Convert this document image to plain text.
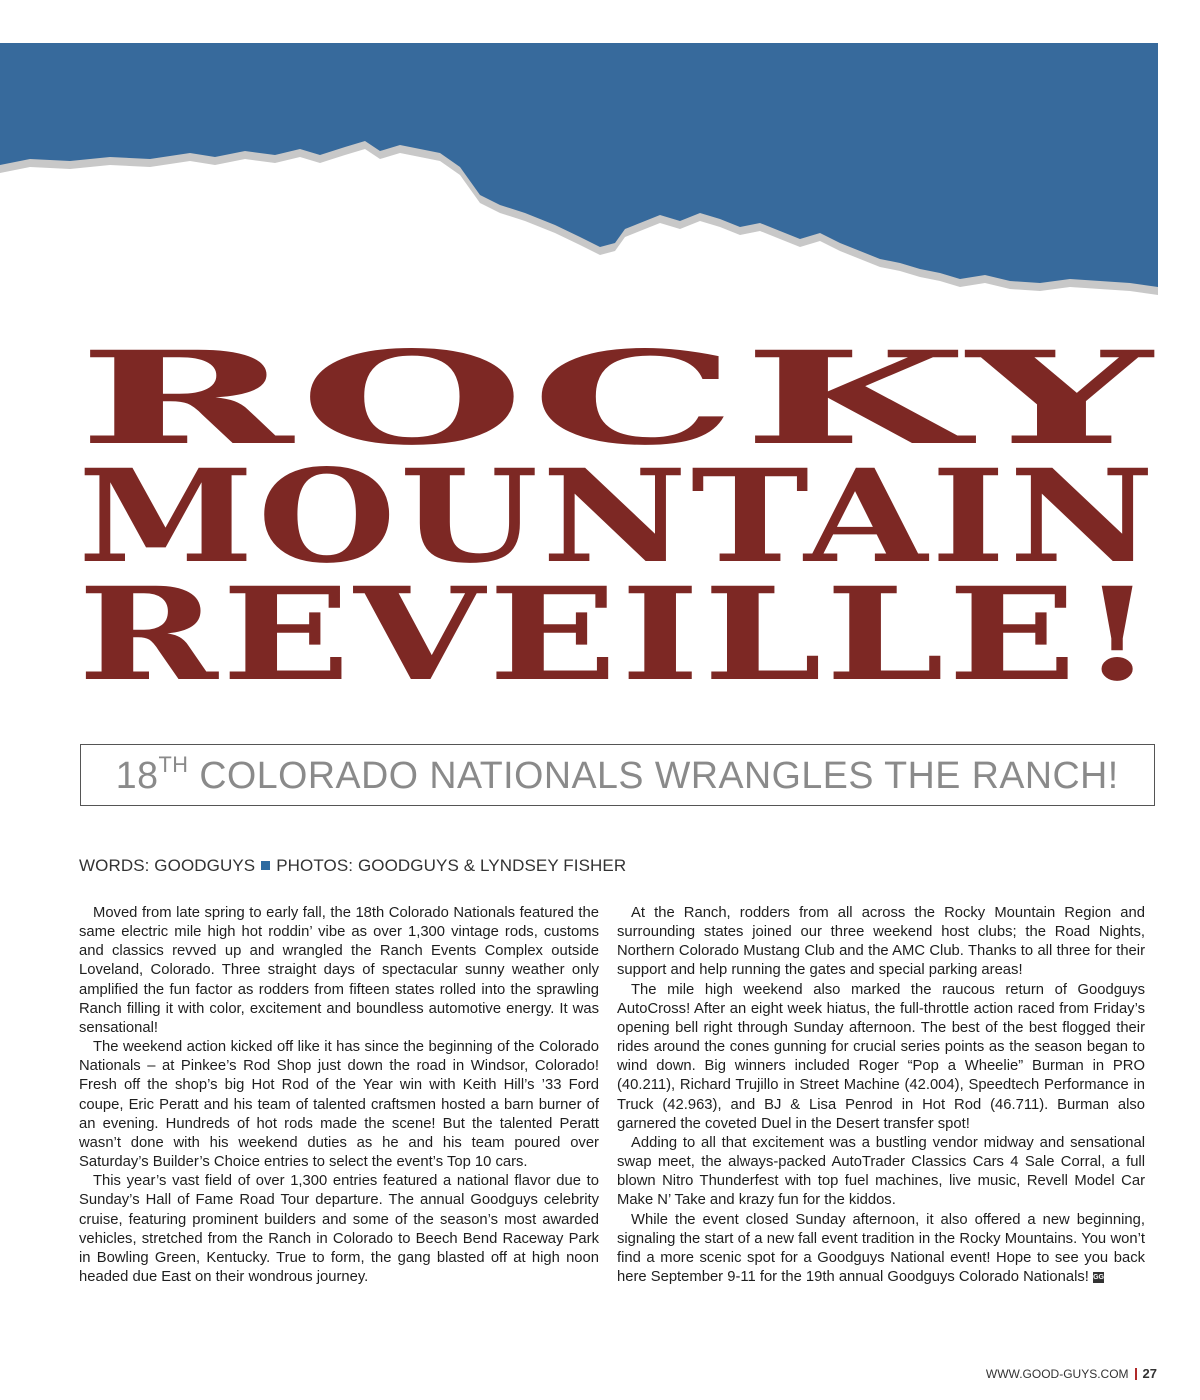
ROCKY
MOUNTAIN
REVEILLE!
18TH COLORADO NATIONALS WRANGLES THE RANCH!
WORDS: GOODGUYS PHOTOS: GOODGUYS & LYNDSEY FISHER

Moved from late spring to early fall, the 18th Colorado Nationals featured the same electric mile high hot roddin’ vibe as over 1,300 vintage rods, customs and classics revved up and wrangled the Ranch Events Complex outside Loveland, Colorado. Three straight days of spectacular sunny weather only amplified the fun factor as rodders from fifteen states rolled into the sprawling Ranch filling it with color, excitement and boundless automotive energy. It was sensational!

The weekend action kicked off like it has since the beginning of the Colorado Nationals – at Pinkee’s Rod Shop just down the road in Windsor, Colorado! Fresh off the shop’s big Hot Rod of the Year win with Keith Hill’s ’33 Ford coupe, Eric Peratt and his team of talented craftsmen hosted a barn burner of an evening. Hundreds of hot rods made the scene! But the talented Peratt wasn’t done with his weekend duties as he and his team poured over Saturday’s Builder’s Choice entries to select the event’s Top 10 cars.

This year’s vast field of over 1,300 entries featured a national flavor due to Sunday’s Hall of Fame Road Tour departure. The annual Goodguys celebrity cruise, featuring prominent builders and some of the season’s most awarded vehicles, stretched from the Ranch in Colorado to Beech Bend Raceway Park in Bowling Green, Kentucky. True to form, the gang blasted off at high noon headed due East on their wondrous journey.

At the Ranch, rodders from all across the Rocky Mountain Region and surrounding states joined our three weekend host clubs; the Road Nights, Northern Colorado Mustang Club and the AMC Club. Thanks to all three for their support and help running the gates and special parking areas!

The mile high weekend also marked the raucous return of Goodguys AutoCross! After an eight week hiatus, the full-throttle action raced from Friday’s opening bell right through Sunday afternoon. The best of the best flogged their rides around the cones gunning for crucial series points as the season began to wind down. Big winners included Roger “Pop a Wheelie” Burman in PRO (40.211), Richard Trujillo in Street Machine (42.004), Speedtech Performance in Truck (42.963), and BJ & Lisa Penrod in Hot Rod (46.711). Burman also garnered the coveted Duel in the Desert transfer spot!

Adding to all that excitement was a bustling vendor midway and sensational swap meet, the always-packed AutoTrader Classics Cars 4 Sale Corral, a full blown Nitro Thunderfest with top fuel machines, live music, Revell Model Car Make N’ Take and krazy fun for the kiddos.

While the event closed Sunday afternoon, it also offered a new beginning, signaling the start of a new fall event tradition in the Rocky Mountains. You won’t find a more scenic spot for a Goodguys National event! Hope to see you back here September 9-11 for the 19th annual Goodguys Colorado Nationals! GG

WWW.GOOD-GUYS.COM 27
